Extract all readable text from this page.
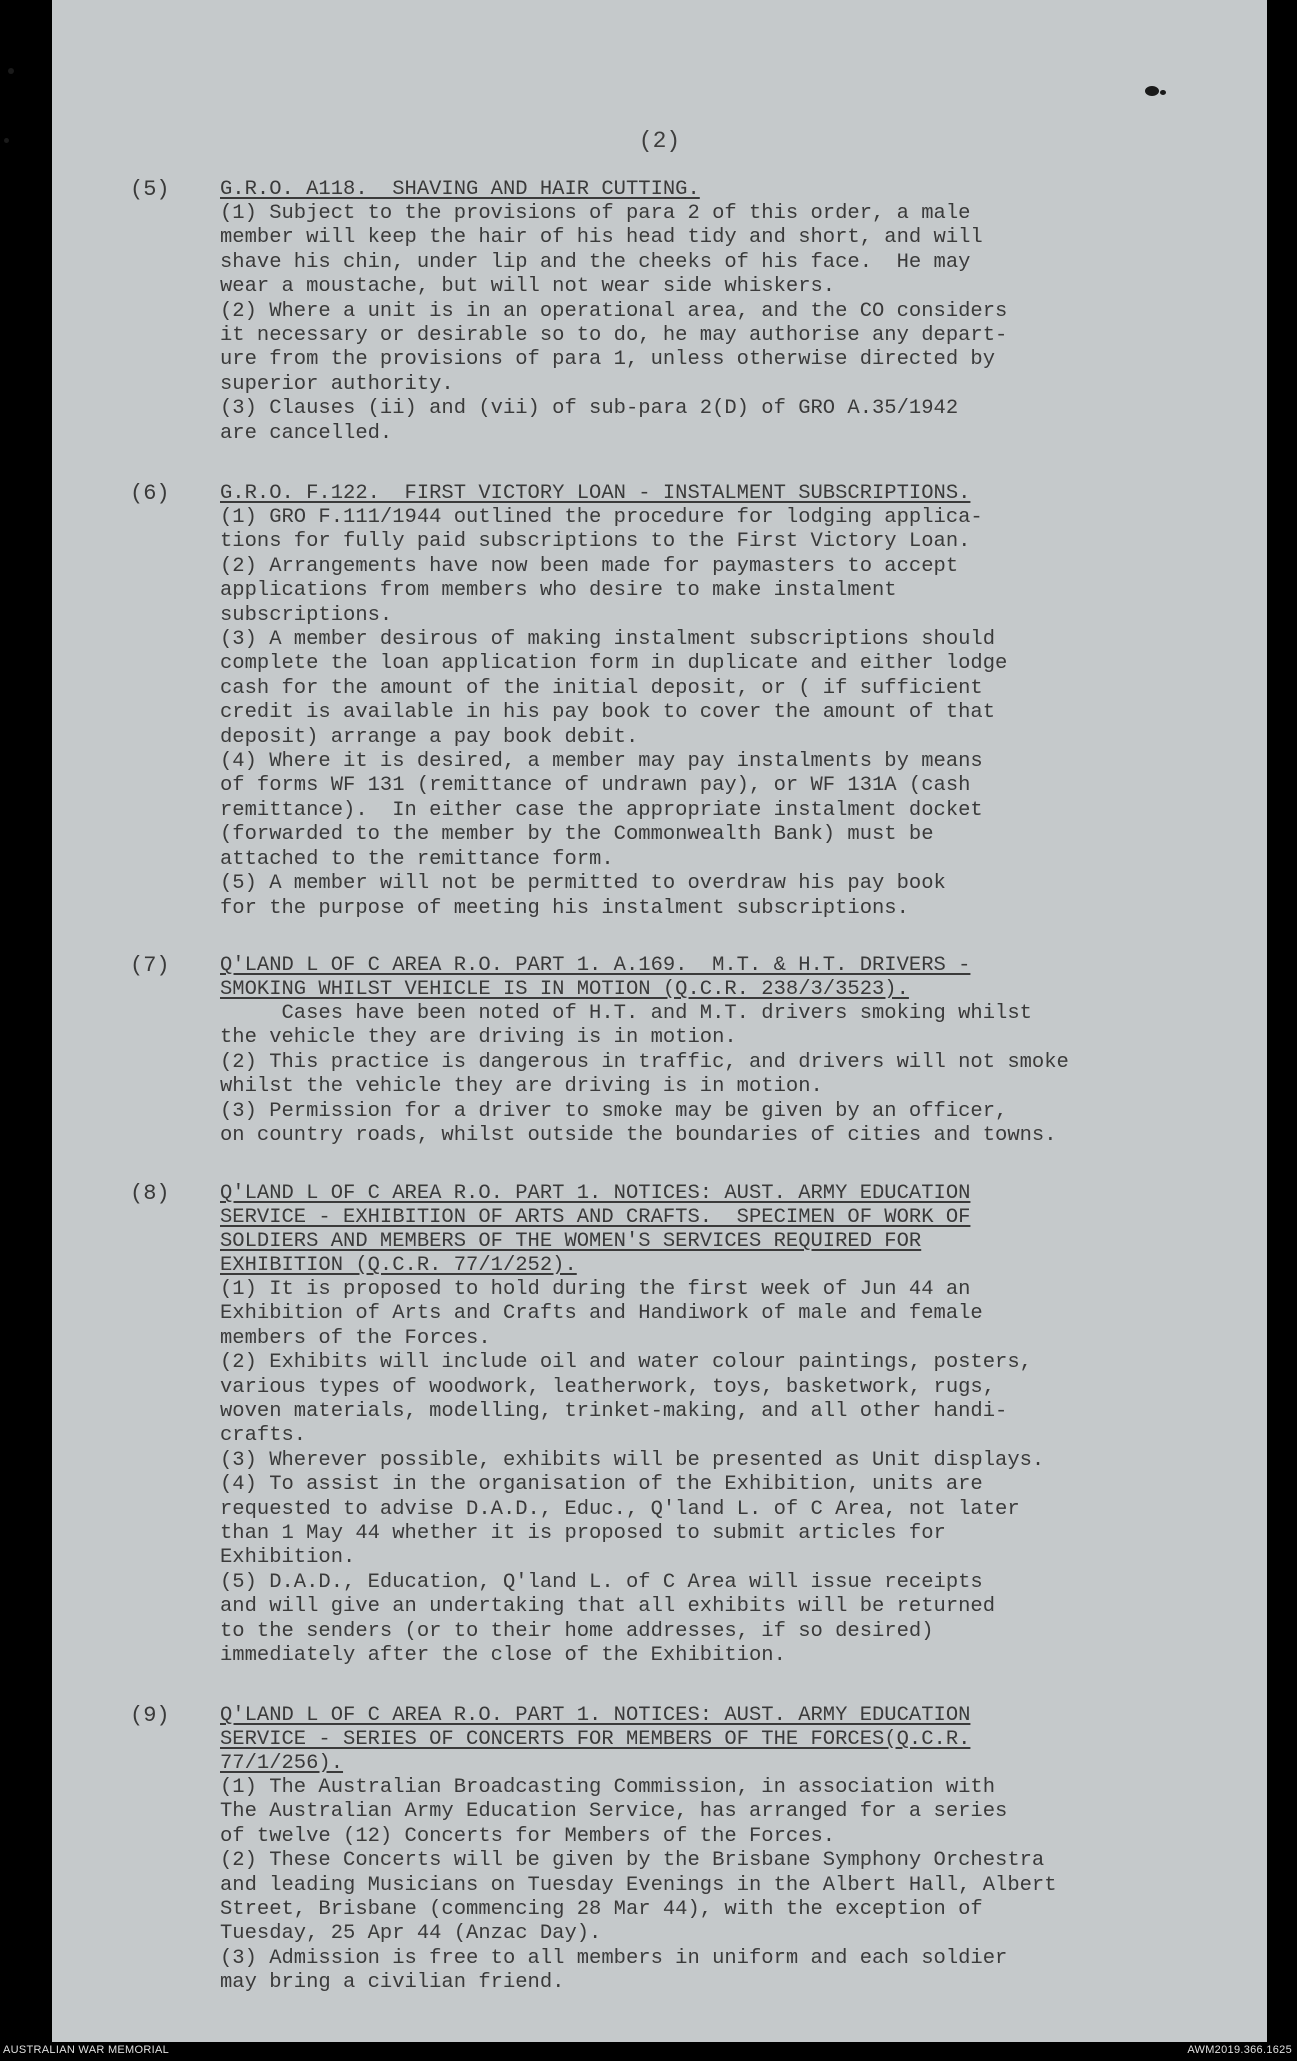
(2)
(5) G.R.O. A118.  SHAVING AND HAIR CUTTING.
(1) Subject to the provisions of para 2 of this order, a male
member will keep the hair of his head tidy and short, and will
shave his chin, under lip and the cheeks of his face.  He may
wear a moustache, but will not wear side whiskers.
(2) Where a unit is in an operational area, and the CO considers
it necessary or desirable so to do, he may authorise any depart-
ure from the provisions of para 1, unless otherwise directed by
superior authority.
(3) Clauses (ii) and (vii) of sub-para 2(D) of GRO A.35/1942
are cancelled.
(6) G.R.O. F.122.  FIRST VICTORY LOAN - INSTALMENT SUBSCRIPTIONS.
(1) GRO F.111/1944 outlined the procedure for lodging applica-
tions for fully paid subscriptions to the First Victory Loan.
(2) Arrangements have now been made for paymasters to accept
applications from members who desire to make instalment
subscriptions.
(3) A member desirous of making instalment subscriptions should
complete the loan application form in duplicate and either lodge
cash for the amount of the initial deposit, or ( if sufficient
credit is available in his pay book to cover the amount of that
deposit) arrange a pay book debit.
(4) Where it is desired, a member may pay instalments by means
of forms WF 131 (remittance of undrawn pay), or WF 131A (cash
remittance).  In either case the appropriate instalment docket
(forwarded to the member by the Commonwealth Bank) must be
attached to the remittance form.
(5) A member will not be permitted to overdraw his pay book
for the purpose of meeting his instalment subscriptions.
(7) Q'LAND L OF C AREA R.O. PART 1. A.169.  M.T. & H.T. DRIVERS -
SMOKING WHILST VEHICLE IS IN MOTION (Q.C.R. 238/3/3523).
Cases have been noted of H.T. and M.T. drivers smoking whilst
the vehicle they are driving is in motion.
(2) This practice is dangerous in traffic, and drivers will not smoke
whilst the vehicle they are driving is in motion.
(3) Permission for a driver to smoke may be given by an officer,
on country roads, whilst outside the boundaries of cities and towns.
(8) Q'LAND L OF C AREA R.O. PART 1. NOTICES: AUST. ARMY EDUCATION
SERVICE - EXHIBITION OF ARTS AND CRAFTS.  SPECIMEN OF WORK OF
SOLDIERS AND MEMBERS OF THE WOMEN'S SERVICES REQUIRED FOR
EXHIBITION (Q.C.R. 77/1/252).
(1) It is proposed to hold during the first week of Jun 44 an
Exhibition of Arts and Crafts and Handiwork of male and female
members of the Forces.
(2) Exhibits will include oil and water colour paintings, posters,
various types of woodwork, leatherwork, toys, basketwork, rugs,
woven materials, modelling, trinket-making, and all other handi-
crafts.
(3) Wherever possible, exhibits will be presented as Unit displays.
(4) To assist in the organisation of the Exhibition, units are
requested to advise D.A.D., Educ., Q'land L. of C Area, not later
than 1 May 44 whether it is proposed to submit articles for
Exhibition.
(5) D.A.D., Education, Q'land L. of C Area will issue receipts
and will give an undertaking that all exhibits will be returned
to the senders (or to their home addresses, if so desired)
immediately after the close of the Exhibition.
(9) Q'LAND L OF C AREA R.O. PART 1. NOTICES: AUST. ARMY EDUCATION
SERVICE - SERIES OF CONCERTS FOR MEMBERS OF THE FORCES(Q.C.R.
77/1/256).
(1) The Australian Broadcasting Commission, in association with
The Australian Army Education Service, has arranged for a series
of twelve (12) Concerts for Members of the Forces.
(2) These Concerts will be given by the Brisbane Symphony Orchestra
and leading Musicians on Tuesday Evenings in the Albert Hall, Albert
Street, Brisbane (commencing 28 Mar 44), with the exception of
Tuesday, 25 Apr 44 (Anzac Day).
(3) Admission is free to all members in uniform and each soldier
may bring a civilian friend.
AUSTRALIAN WAR MEMORIAL	AWM2019.366.1625
